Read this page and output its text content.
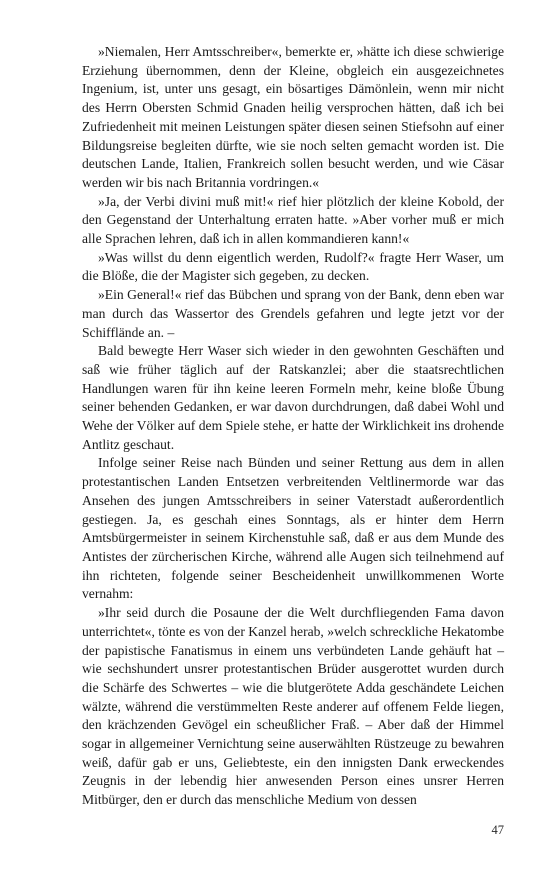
»Niemalen, Herr Amtsschreiber«, bemerkte er, »hätte ich diese schwierige Erziehung übernommen, denn der Kleine, obgleich ein ausgezeichnetes Ingenium, ist, unter uns gesagt, ein bösartiges Dämönlein, wenn mir nicht des Herrn Obersten Schmid Gnaden heilig versprochen hätten, daß ich bei Zufriedenheit mit meinen Leistungen später diesen seinen Stiefsohn auf einer Bildungsreise begleiten dürfte, wie sie noch selten gemacht worden ist. Die deutschen Lande, Italien, Frankreich sollen besucht werden, und wie Cäsar werden wir bis nach Britannia vordringen.«

»Ja, der Verbi divini muß mit!« rief hier plötzlich der kleine Kobold, der den Gegenstand der Unterhaltung erraten hatte. »Aber vorher muß er mich alle Sprachen lehren, daß ich in allen kommandieren kann!«

»Was willst du denn eigentlich werden, Rudolf?« fragte Herr Waser, um die Blöße, die der Magister sich gegeben, zu decken.

»Ein General!« rief das Bübchen und sprang von der Bank, denn eben war man durch das Wassertor des Grendels gefahren und legte jetzt vor der Schifflände an. –

Bald bewegte Herr Waser sich wieder in den gewohnten Geschäften und saß wie früher täglich auf der Ratskanzlei; aber die staatsrechtlichen Handlungen waren für ihn keine leeren Formeln mehr, keine bloße Übung seiner behenden Gedanken, er war davon durchdrungen, daß dabei Wohl und Wehe der Völker auf dem Spiele stehe, er hatte der Wirklichkeit ins drohende Antlitz geschaut.

Infolge seiner Reise nach Bünden und seiner Rettung aus dem in allen protestantischen Landen Entsetzen verbreitenden Veltlinermorde war das Ansehen des jungen Amtsschreibers in seiner Vaterstadt außerordentlich gestiegen. Ja, es geschah eines Sonntags, als er hinter dem Herrn Amtsbürgermeister in seinem Kirchenstuhle saß, daß er aus dem Munde des Antistes der zürcherischen Kirche, während alle Augen sich teilnehmend auf ihn richteten, folgende seiner Bescheidenheit unwillkommenen Worte vernahm:

»Ihr seid durch die Posaune der die Welt durchfliegenden Fama davon unterrichtet«, tönte es von der Kanzel herab, »welch schreckliche Hekatombe der papistische Fanatismus in einem uns verbündeten Lande gehäuft hat – wie sechshundert unsrer protestantischen Brüder ausgerottet wurden durch die Schärfe des Schwertes – wie die blutgerötete Adda geschändete Leichen wälzte, während die verstümmelten Reste anderer auf offenem Felde liegen, den krächzenden Gevögel ein scheußlicher Fraß. – Aber daß der Himmel sogar in allgemeiner Vernichtung seine auserwählten Rüstzeuge zu bewahren weiß, dafür gab er uns, Geliebteste, ein den innigsten Dank erweckendes Zeugnis in der lebendig hier anwesenden Person eines unsrer Herren Mitbürger, den er durch das menschliche Medium von dessen

47
